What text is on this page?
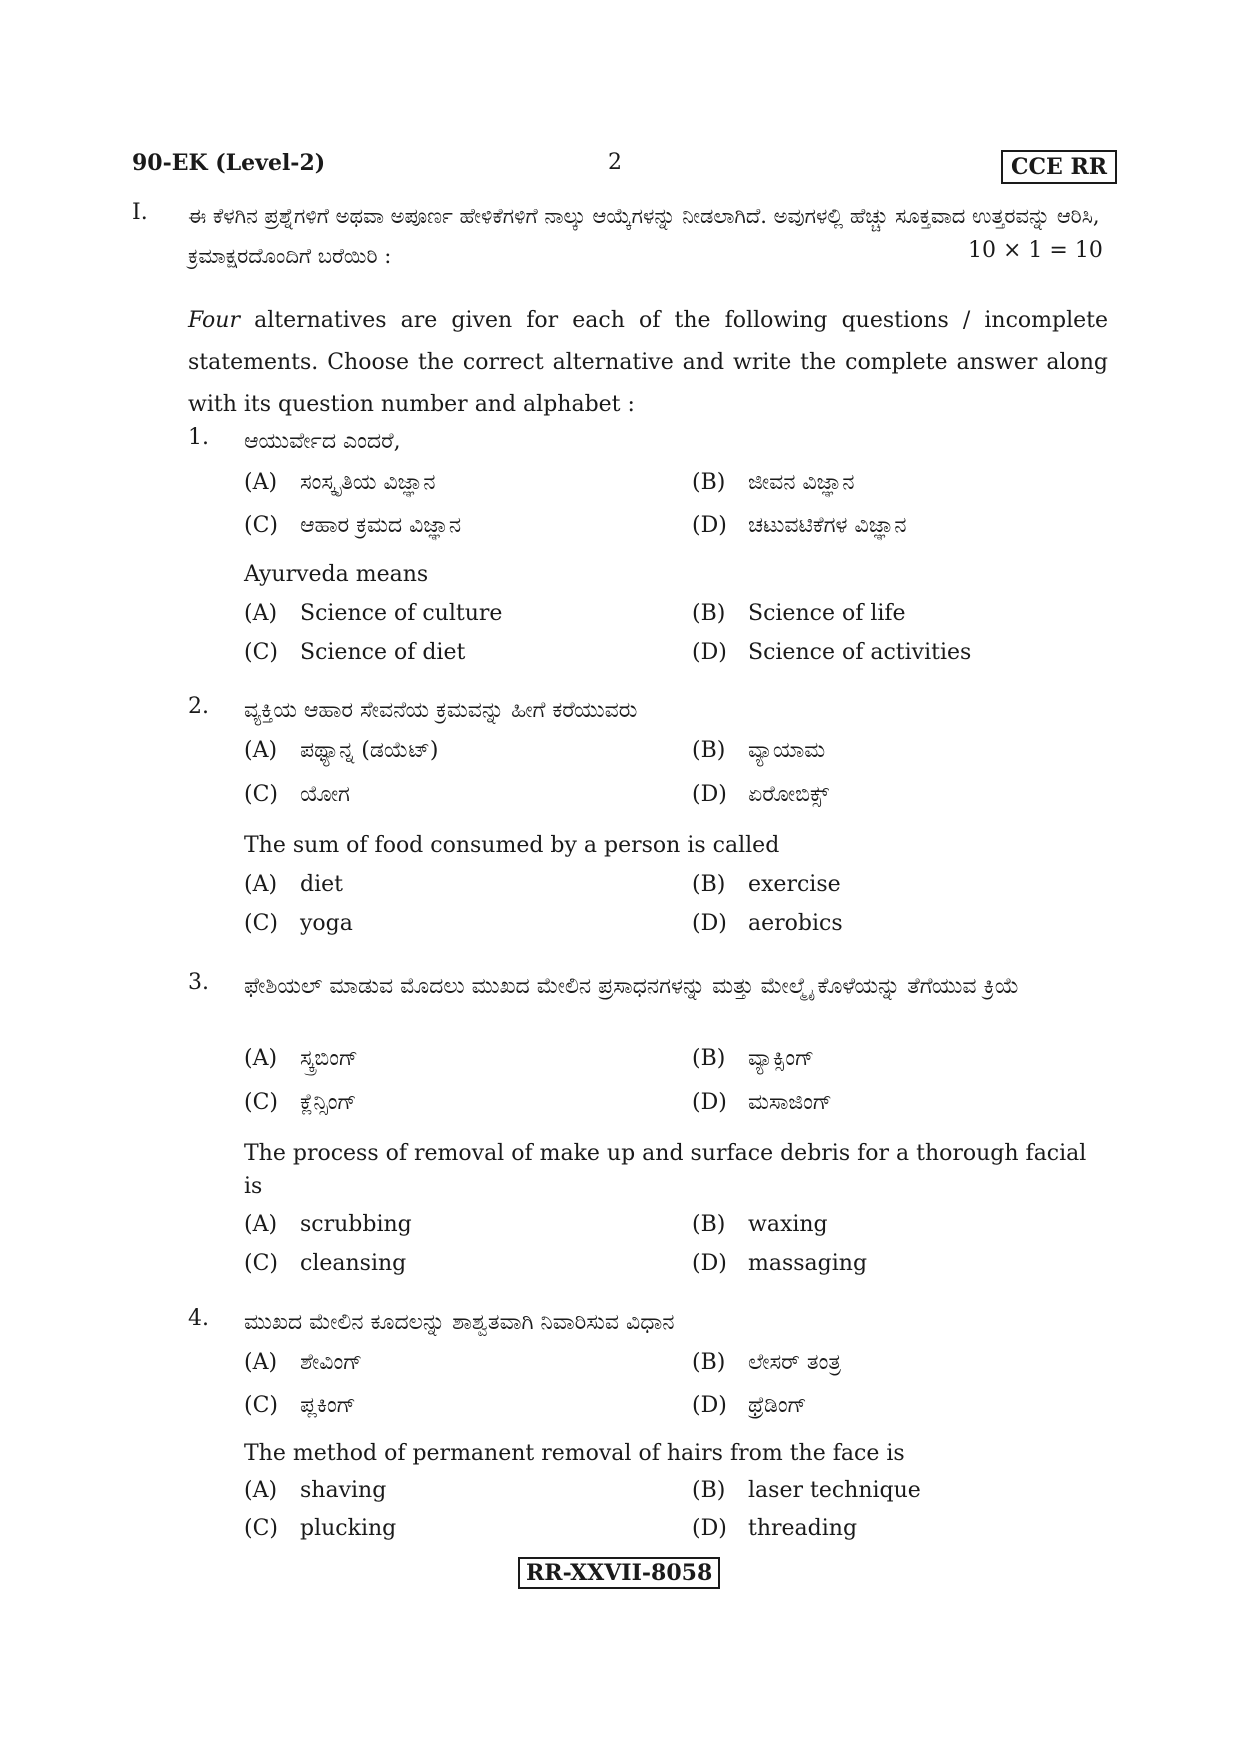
90-EK (Level-2)	2	CCE RR
I. ಈ ಕೆಳಗಿನ ಪ್ರಶ್ನೆಗಳಿಗೆ ಅಥವಾ ಅಪೂರ್ಣ ಹೇಳಿಕೆಗಳಿಗೆ ನಾಲ್ಕು ಆಯ್ಕೆಗಳನ್ನು ನೀಡಲಾಗಿದೆ. ಅವುಗಳಲ್ಲಿ ಹೆಚ್ಚು ಸೂಕ್ತವಾದ ಉತ್ತರವನ್ನು ಆರಿಸಿ, ಕ್ರಮಾಕ್ಷರದೊಂದಿಗೆ ಬರೆಯಿರಿ :	10 × 1 = 10
Four alternatives are given for each of the following questions / incomplete statements. Choose the correct alternative and write the complete answer along with its question number and alphabet :
1. ಆಯುರ್ವೇದ ಎಂದರೆ,
(A) ಸಂಸ್ಕೃತಿಯ ವಿಜ್ಞಾನ	(B) ಜೀವನ ವಿಜ್ಞಾನ
(C) ಆಹಾರ ಕ್ರಮದ ವಿಜ್ಞಾನ	(D) ಚಟುವಟಿಕೆಗಳ ವಿಜ್ಞಾನ
Ayurveda means
(A) Science of culture	(B) Science of life
(C) Science of diet	(D) Science of activities
2. ವ್ಯಕ್ತಿಯ ಆಹಾರ ಸೇವನೆಯ ಕ್ರಮವನ್ನು ಹೀಗೆ ಕರೆಯುವರು
(A) ಪಥ್ಯಾನ್ನ (ಡಯೆಟ್)	(B) ವ್ಯಾಯಾಮ
(C) ಯೋಗ	(D) ಏರೋಬಿಕ್ಸ್
The sum of food consumed by a person is called
(A) diet	(B) exercise
(C) yoga	(D) aerobics
3. ಫೇಶಿಯಲ್ ಮಾಡುವ ಮೊದಲು ಮುಖದ ಮೇಲಿನ ಪ್ರಸಾಧನಗಳನ್ನು ಮತ್ತು ಮೇಲ್ಮೈ ಕೊಳೆಯನ್ನು ತೆಗೆಯುವ ಕ್ರಿಯೆ
(A) ಸ್ಕ್ರಬಿಂಗ್	(B) ವ್ಯಾಕ್ಸಿಂಗ್
(C) ಕ್ಲೆನ್ಸಿಂಗ್	(D) ಮಸಾಜಿಂಗ್
The process of removal of make up and surface debris for a thorough facial is
(A) scrubbing	(B) waxing
(C) cleansing	(D) massaging
4. ಮುಖದ ಮೇಲಿನ ಕೂದಲನ್ನು ಶಾಶ್ವತವಾಗಿ ನಿವಾರಿಸುವ ವಿಧಾನ
(A) ಶೇವಿಂಗ್	(B) ಲೇಸರ್ ತಂತ್ರ
(C) ಪ್ಲಕಿಂಗ್	(D) ಥ್ರೆಡಿಂಗ್
The method of permanent removal of hairs from the face is
(A) shaving	(B) laser technique
(C) plucking	(D) threading
RR-XXVII-8058
